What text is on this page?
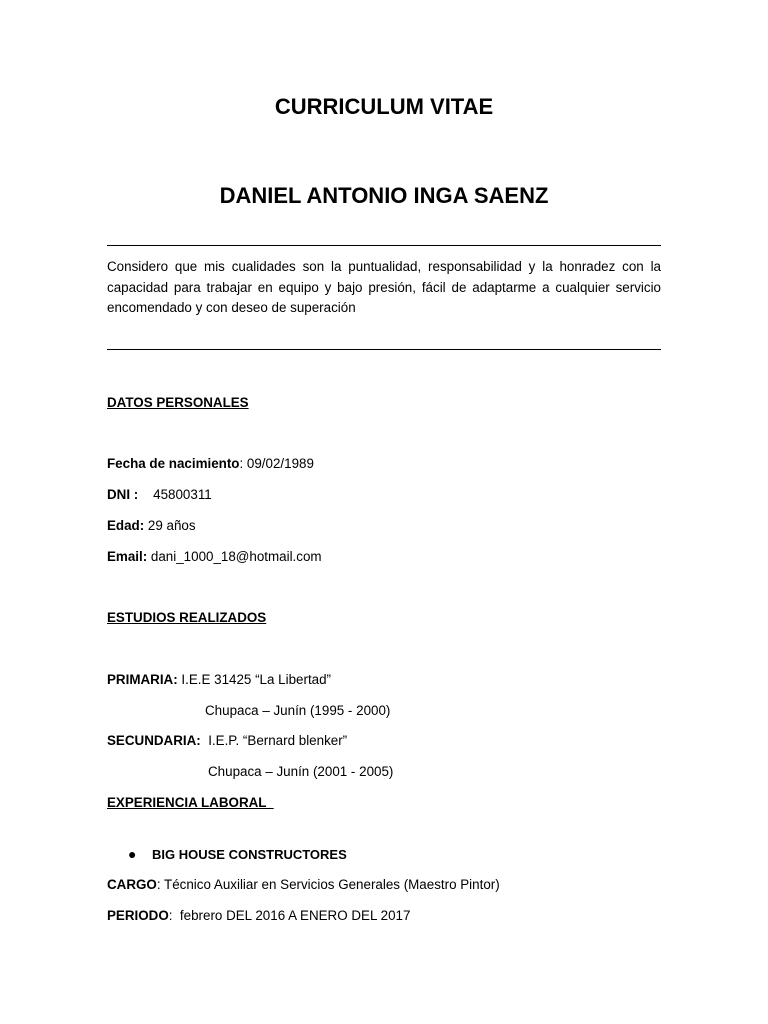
CURRICULUM VITAE
DANIEL ANTONIO INGA SAENZ
Considero que mis cualidades son la puntualidad, responsabilidad y la honradez con la capacidad para trabajar en equipo y bajo presión, fácil de adaptarme a cualquier servicio encomendado y con deseo de superación
DATOS PERSONALES
Fecha de nacimiento: 09/02/1989
DNI :    45800311
Edad: 29 años
Email: dani_1000_18@hotmail.com
ESTUDIOS REALIZADOS
PRIMARIA: I.E.E 31425 “La Libertad”
Chupaca – Junín (1995 - 2000)
SECUNDARIA:  I.E.P. “Bernard blenker”
Chupaca – Junín (2001 - 2005)
EXPERIENCIA LABORAL
● BIG HOUSE CONSTRUCTORES
CARGO: Técnico Auxiliar en Servicios Generales (Maestro Pintor)
PERIODO:  febrero DEL 2016 A ENERO DEL 2017
